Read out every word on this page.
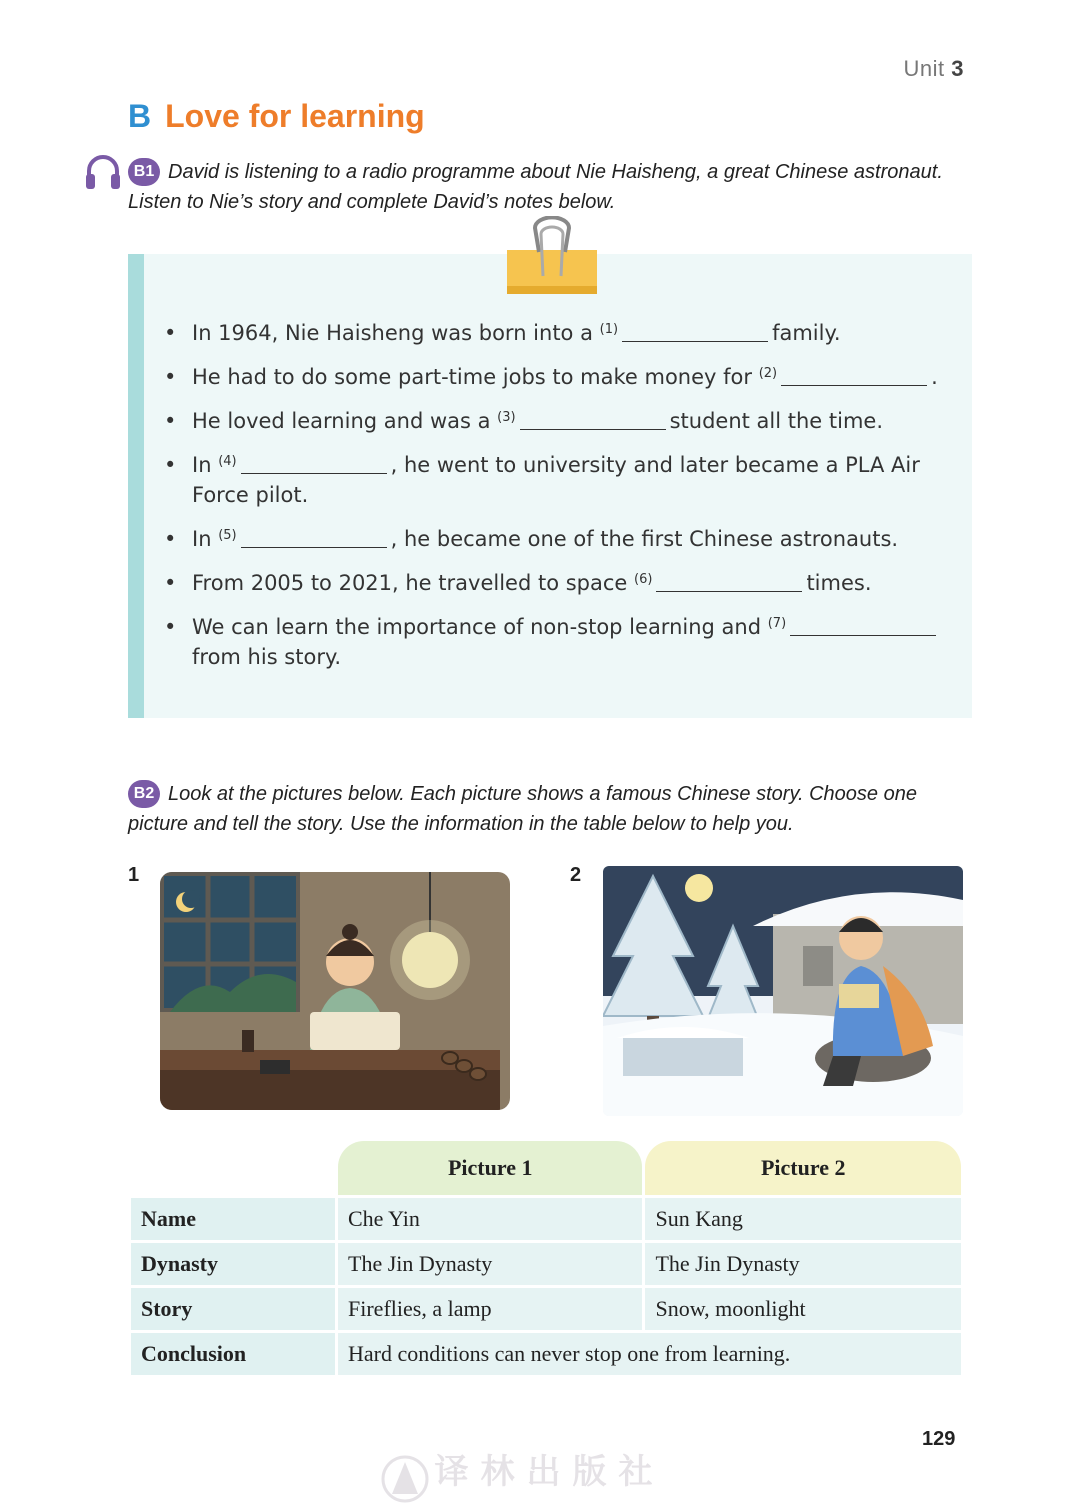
Unit 3
B Love for learning
B1 David is listening to a radio programme about Nie Haisheng, a great Chinese astronaut. Listen to Nie’s story and complete David’s notes below.
• In 1964, Nie Haisheng was born into a $^{(1)}$	family.
• He had to do some part-time jobs to make money for $^{(2)}$	.
• He loved learning and was a $^{(3)}$	student all the time.
• In $^{(4)}$	, he went to university and later became a PLA Air Force pilot.
• In $^{(5)}$	, he became one of the first Chinese astronauts.
• From 2005 to 2021, he travelled to space $^{(6)}$	times.
• We can learn the importance of non-stop learning and $^{(7)}$from his story.
B2 Look at the pictures below. Each picture shows a famous Chinese story. Choose one picture and tell the story. Use the information in the table below to help you.
1	2
	Picture 1	Picture 2
Name	Che Yin	Sun Kang
Dynasty	The Jin Dynasty	The Jin Dynasty
Story	Fireflies, a lamp	Snow, moonlight
Conclusion	Hard conditions can never stop one from learning.	
129
译林出版社
